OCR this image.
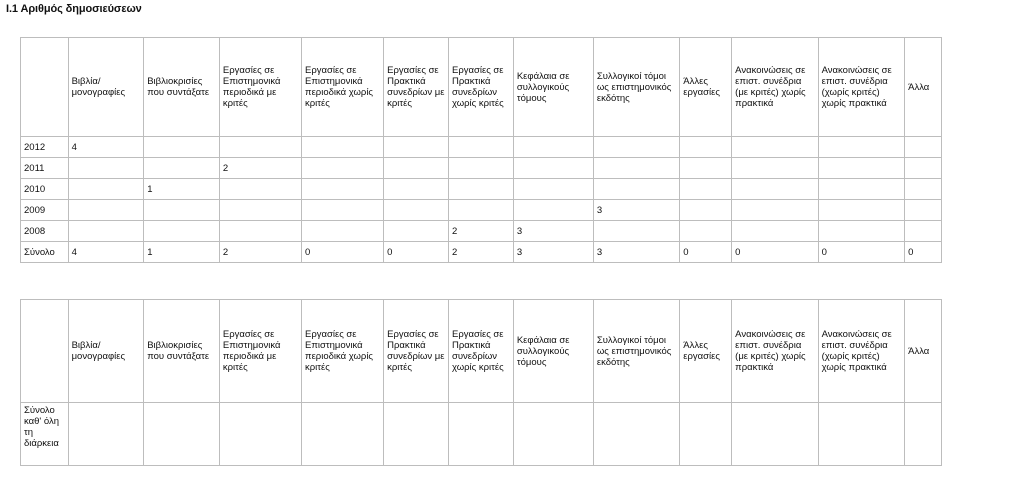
Ι.1 Αριθμός δημοσιεύσεων
	Βιβλία/ μονογραφίες	Βιβλιοκρισίες που συντάξατε	Εργασίες σε Επιστημονικά περιοδικά με κριτές	Εργασίες σε Επιστημονικά περιοδικά χωρίς κριτές	Εργασίες σε Πρακτικά συνεδρίων με κριτές	Εργασίες σε Πρακτικά συνεδρίων χωρίς κριτές	Κεφάλαια σε συλλογικούς τόμους	Συλλογικοί τόμοι ως επιστημονικός εκδότης	Άλλες εργασίες	Ανακοινώσεις σε επιστ. συνέδρια (με κριτές) χωρίς πρακτικά	Ανακοινώσεις σε επιστ. συνέδρια (χωρίς κριτές) χωρίς πρακτικά	Άλλα
2012	4											
2011			2									
2010		1										
2009								3				
2008						2	3					
Σύνολο	4	1	2	0	0	2	3	3	0	0	0	0
	Βιβλία/ μονογραφίες	Βιβλιοκρισίες που συντάξατε	Εργασίες σε Επιστημονικά περιοδικά με κριτές	Εργασίες σε Επιστημονικά περιοδικά χωρίς κριτές	Εργασίες σε Πρακτικά συνεδρίων με κριτές	Εργασίες σε Πρακτικά συνεδρίων χωρίς κριτές	Κεφάλαια σε συλλογικούς τόμους	Συλλογικοί τόμοι ως επιστημονικός εκδότης	Άλλες εργασίες	Ανακοινώσεις σε επιστ. συνέδρια (με κριτές) χωρίς πρακτικά	Ανακοινώσεις σε επιστ. συνέδρια (χωρίς κριτές) χωρίς πρακτικά	Άλλα
Σύνολο καθ' όλη τη διάρκεια												
